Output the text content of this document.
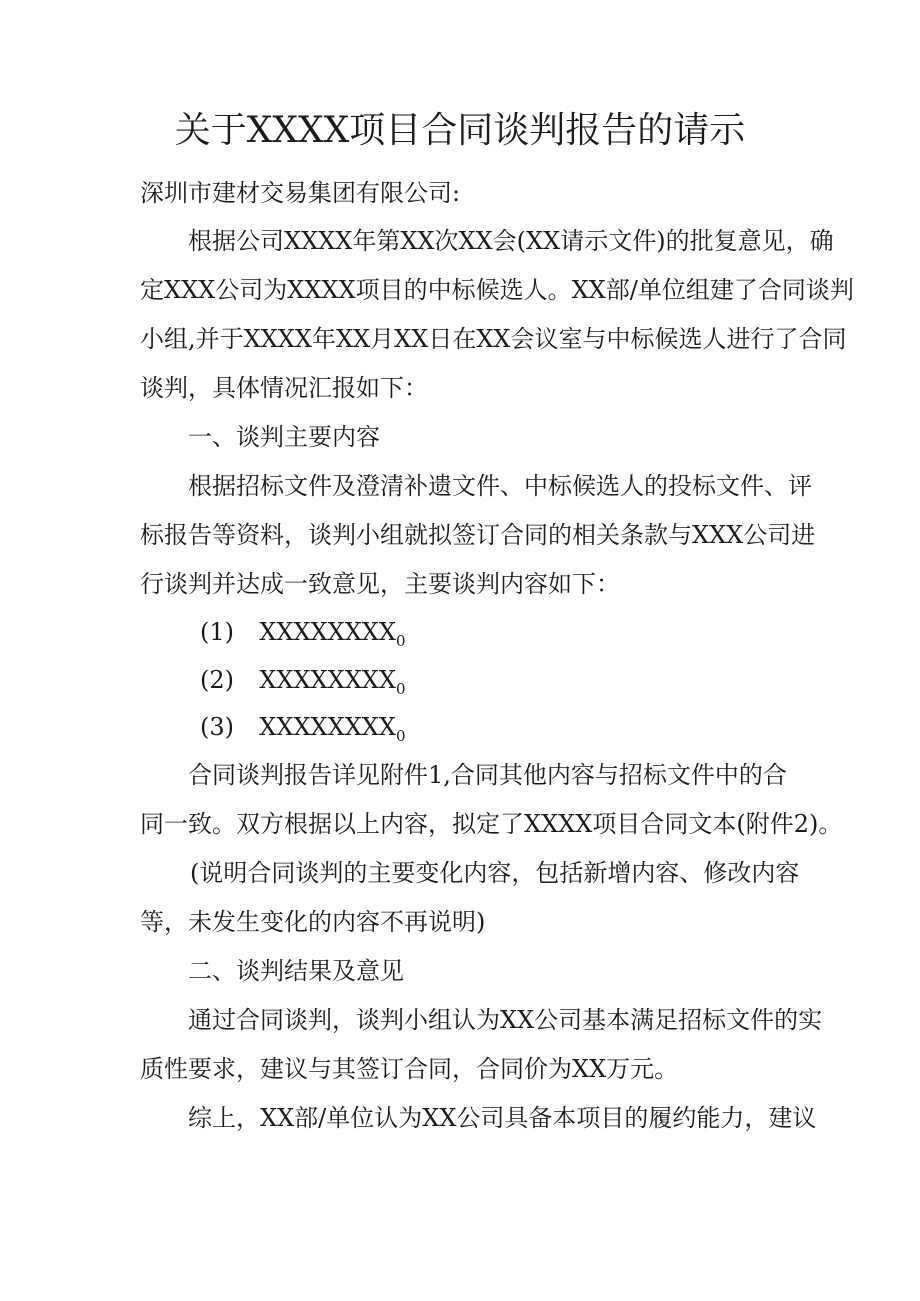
关于XXXX项目合同谈判报告的请示
深圳市建材交易集团有限公司:
根据公司XXXX年第XX次XX会(XX请示文件)的批复意见，确
定XXX公司为XXXX项目的中标候选人。XX部/单位组建了合同谈判
小组,并于XXXX年XX月XX日在XX会议室与中标候选人进行了合同
谈判，具体情况汇报如下：
一、谈判主要内容
根据招标文件及澄清补遗文件、中标候选人的投标文件、评
标报告等资料，谈判小组就拟签订合同的相关条款与XXX公司进
行谈判并达成一致意见，主要谈判内容如下：
(1) $XXXXXXXX_0$
(2) $XXXXXXXX_0$
(3) $XXXXXXXX_0$
合同谈判报告详见附件1,合同其他内容与招标文件中的合
同一致。双方根据以上内容，拟定了XXXX项目合同文本(附件2)。
(说明合同谈判的主要变化内容，包括新增内容、修改内容
等，未发生变化的内容不再说明)
二、谈判结果及意见
通过合同谈判，谈判小组认为XX公司基本满足招标文件的实
质性要求，建议与其签订合同，合同价为XX万元。
综上，XX部/单位认为XX公司具备本项目的履约能力，建议
